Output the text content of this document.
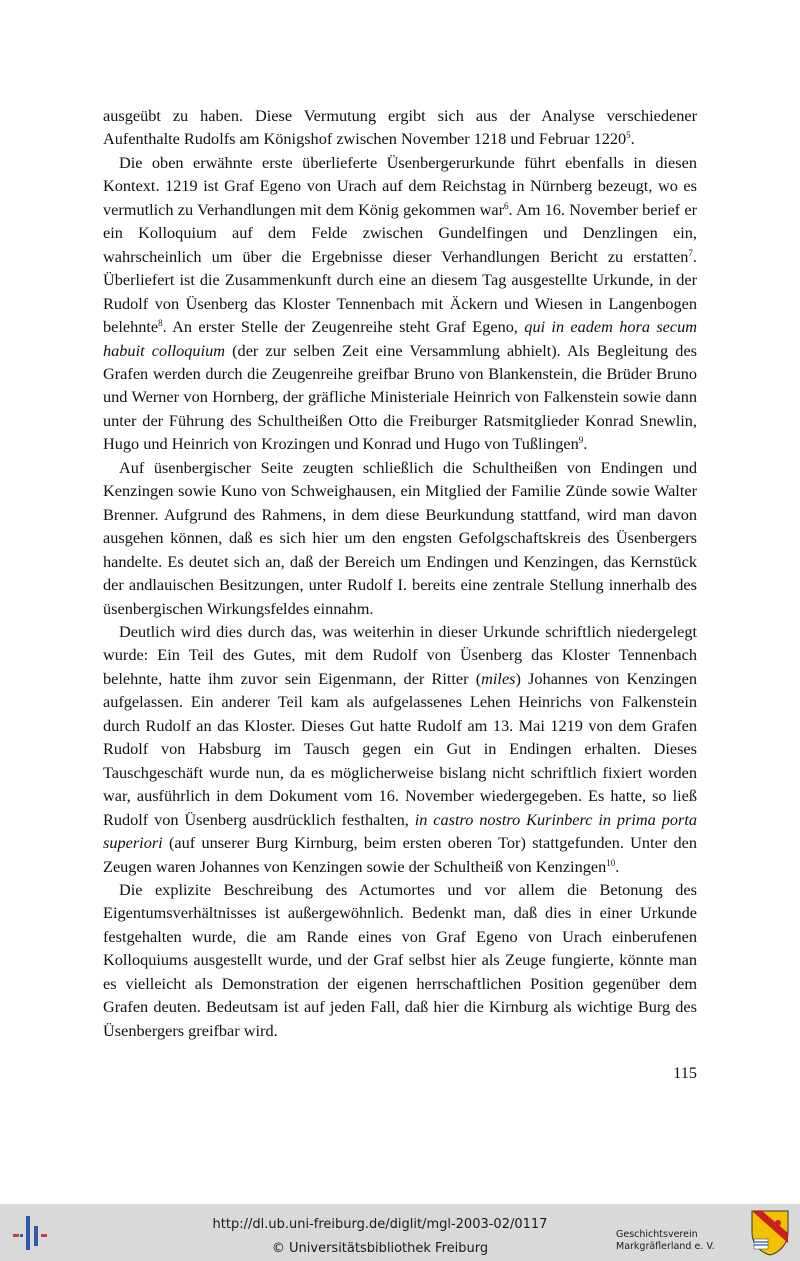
ausgeübt zu haben. Diese Vermutung ergibt sich aus der Analyse verschiedener Aufenthalte Rudolfs am Königshof zwischen November 1218 und Februar 1220$^5$.

Die oben erwähnte erste überlieferte Üsenbergerurkunde führt ebenfalls in diesen Kontext. 1219 ist Graf Egeno von Urach auf dem Reichstag in Nürnberg bezeugt, wo es vermutlich zu Verhandlungen mit dem König gekommen war$^6$. Am 16. November berief er ein Kolloquium auf dem Felde zwischen Gundelfingen und Denzlingen ein, wahrscheinlich um über die Ergebnisse dieser Verhandlungen Bericht zu erstatten$^7$. Überliefert ist die Zusammenkunft durch eine an diesem Tag ausgestellte Urkunde, in der Rudolf von Üsenberg das Kloster Tennenbach mit Äckern und Wiesen in Langenbogen belehnte$^8$. An erster Stelle der Zeugenreihe steht Graf Egeno, qui in eadem hora secum habuit colloquium (der zur selben Zeit eine Versammlung abhielt). Als Begleitung des Grafen werden durch die Zeugenreihe greifbar Bruno von Blankenstein, die Brüder Bruno und Werner von Hornberg, der gräfliche Ministeriale Heinrich von Falkenstein sowie dann unter der Führung des Schultheißen Otto die Freiburger Ratsmitglieder Konrad Snewlin, Hugo und Heinrich von Krozingen und Konrad und Hugo von Tußlingen$^9$.

Auf üsenbergischer Seite zeugten schließlich die Schultheißen von Endingen und Kenzingen sowie Kuno von Schweighausen, ein Mitglied der Familie Zünde sowie Walter Brenner. Aufgrund des Rahmens, in dem diese Beurkundung stattfand, wird man davon ausgehen können, daß es sich hier um den engsten Gefolgschaftskreis des Üsenbergers handelte. Es deutet sich an, daß der Bereich um Endingen und Kenzingen, das Kernstück der andlauischen Besitzungen, unter Rudolf I. bereits eine zentrale Stellung innerhalb des üsenbergischen Wirkungsfeldes einnahm.

Deutlich wird dies durch das, was weiterhin in dieser Urkunde schriftlich niedergelegt wurde: Ein Teil des Gutes, mit dem Rudolf von Üsenberg das Kloster Tennenbach belehnte, hatte ihm zuvor sein Eigenmann, der Ritter (miles) Johannes von Kenzingen aufgelassen. Ein anderer Teil kam als aufgelassenes Lehen Heinrichs von Falkenstein durch Rudolf an das Kloster. Dieses Gut hatte Rudolf am 13. Mai 1219 von dem Grafen Rudolf von Habsburg im Tausch gegen ein Gut in Endingen erhalten. Dieses Tauschgeschäft wurde nun, da es möglicherweise bislang nicht schriftlich fixiert worden war, ausführlich in dem Dokument vom 16. November wiedergegeben. Es hatte, so ließ Rudolf von Üsenberg ausdrücklich festhalten, in castro nostro Kurinberc in prima porta superiori (auf unserer Burg Kirnburg, beim ersten oberen Tor) stattgefunden. Unter den Zeugen waren Johannes von Kenzingen sowie der Schultheiß von Kenzingen$^{10}$.

Die explizite Beschreibung des Actumortes und vor allem die Betonung des Eigentumsverhältnisses ist außergewöhnlich. Bedenkt man, daß dies in einer Urkunde festgehalten wurde, die am Rande eines von Graf Egeno von Urach einberufenen Kolloquiums ausgestellt wurde, und der Graf selbst hier als Zeuge fungierte, könnte man es vielleicht als Demonstration der eigenen herrschaftlichen Position gegenüber dem Grafen deuten. Bedeutsam ist auf jeden Fall, daß hier die Kirnburg als wichtige Burg des Üsenbergers greifbar wird.

115
http://dl.ub.uni-freiburg.de/diglit/mgl-2003-02/0117
© Universitätsbibliothek Freiburg
Geschichtsverein
Markgräflerland e. V.
